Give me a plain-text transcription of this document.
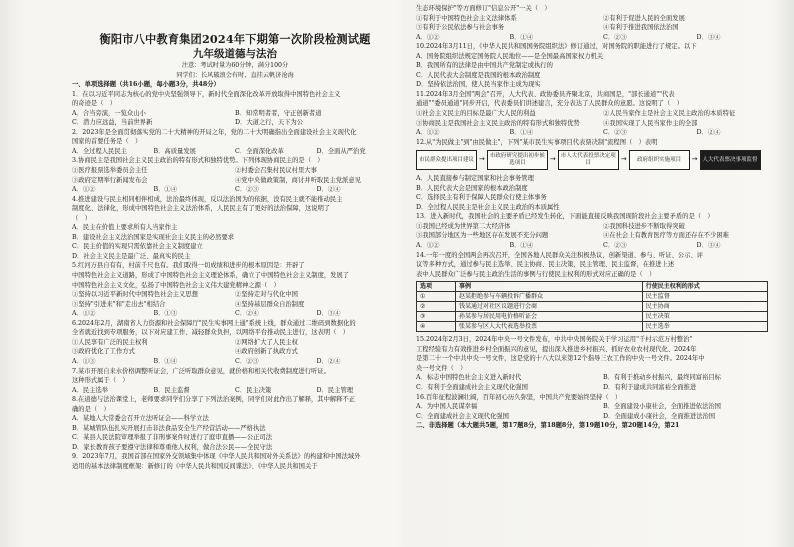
衡阳市八中教育集团2024年下期第一次阶段检测试题
九年级道德与法治
注意：考试时量为60分钟，满分100分
同学们：长风破浪会有时，直挂云帆济沧海
一、单项选择题（共16小题，每小题3分，共48分）
1．在以习近平同志为核心的党中央坚强领导下，新时代全面深化改革开放取得中国特色社会主义
的奇迹是（　）
A．合当旁演，一览众山小	B．知常明者者，守正创新者道
C．潜力应远益，当前世界新	D．大道之行，天下为公
2．2023年是全面贯彻落实党的二十大精神的开局之年，党的二十大明确指出全面建设社会主义现代化
国家的首要任务是（　）
A．全过程人民民主	B．高质量发展	C．全面深化改革	D．全面从严治党
3.协商民主是我国社会主义民主政治的特有形式和独特优势。下列体现协商民主的是（　）
①医疗报票选举委员会主任	②村委会召集村民议村里大事
③政府定期举行新闻发布会	④党中央做政策制，商讨并听取民主党派意见
A．①②	B．①④	C．②③	D．②④
4.推进建设与民主相同相伴相成，法治最终体现，反以法治国为的依据，没有民主就不能推动民主
制度化、法律化，形成中国特色社会主义法治体系，人民民主有了更好的法治保障，这说明了
（　）
A．民主在价值上要求所有人当家作主
B．建设社会主义法治国家是实现社会主义民主的必然要求
C．民主价值的实现只需依靠社会主义制度建立
D．社会主义民主是最广泛、最真实的民主
5.红河万县自有有，村前千尺也有。我们取得一切成绩和进步的根本原因是：开辟了
中国特色社会主义道路，形成了中国特色社会主义理论体系，确立了中国特色社会主义制度，发展了
中国特色社会主义文化，弘扬了中国特色社会主义伟大建党精神之源（　）
①坚持以习近平新时代中国特色社会主义思想	②坚持走对与代化中国
③坚持"引进来"和"走出去"相结合	④坚持基层群众自治制度
A．①②	B．①③	C．②④	D．③④
6.2024年2月，湖南省人力资源和社会保障厅"民生实事网上通"系统上线，群众通过二维码到数据化的
全省就近找到专项服务，以下对应建工作、减轻群众负担，以网络平台推动民主进行，这表明（　）
①人民享有广泛的民主权利	②网络扩大了人民主权
③政府优化了工作方式	④政府创新了执政方式
A．①③	B．①④	C．②③	D．②④
7.某市开展自来水价格调整听证会，广泛听取群众意见，就价格和相关代收费制度进行听证。
这种形式属于（　）
A．民主选举	B．民主监督	C．民主决策	D．民主管理
8.在道德与法治课堂上，老师要求同学们分享了下列法治案例，同学们对此作出了解释，其中解释不正
确的是（　）
A．某地人大常委会召开立法听证会——科学立法
B．某城管队伍扎实开展打击非法食品安全生产经营活动——严格执法
C．某县人民法院审理举报了非刑事案件时进行了庭审直播——公正司法
D．家长教育孩子要遵守法律和尊重他人权利，做合法公民——全民守法
9．2023年7月，我国首部在国家外交领域集中体现《中华人民共和国对外关系法》的构建和中国法域外
适用的基本法律制度框架：新修订的《中华人民共和国反间谍法》、《中华人民共和国关于
生态环境保护"等方面修订"信息公开"一关（　）
①有利于中国特色社会主义法律体系	②有利于促进人民的全面发展
③有利于公民依法参与社会事务	④有利于推进我国依法治国
A．①②	B．①④	C．②③	D．③④
10.2024年3月11日，《中华人民共和国国务院组织法》修订通过，对国务院的职能进行了规定。以下
A．国务院组织法规定国务院人民地位——是全国最高国家权力机关
B．我国所有的法律是由中国共产党制定或执行的
C．人民代表大会制度是我国的根本政治制度
D．坚持依法治国，使人民当家作主成为现实
11.2024年3月全国"两会"召开，人大代表、政协委员齐聚北京，共商国是，"部长通道""代表
通道""委员通道"同步开启，代表委员们讲述建言，充分表达了人民群众的意愿。这说明了（　）
①社会主义民主的目标是最广大人民的利益	②人民当家作主是社会主义民主政治的本质特征
③协商民主是我国社会主义民主政治的特有形式和独特优势	④我国实现了人民当家作主的全部
A．①②	B．①④	C．②③	D．②④
12.从"为民做主"到"由民做主"，下列"某市民生实事项目代表票决制"流程图（　）表明
市民群众提出项目建议 → 市政府研究提出初步候选项目	→ 市人大代表投票决定项目	→	政府组织实施项目	→ 人大代表票决事项监督
A．人民直接参与制定国家和社会事务管理
B．人民代表大会是国家的根本政治制度
C．选择民主有利于保障人民群众行使主体事务
D．全过程人民民主是社会主义民主政治的本质属性
13．进入新时代，我国社会的主要矛盾已经发生转化，下面能直接反映我国现阶段社会主要矛盾的是（　）
①我国已经成为世界第二大经济体	②我国科技进步不断取得突破
③我国部分地区为一些地区存在发展不充分问题	④在社会上有教育医疗等方面还存在不少困难
A．①②	B．①④	C．②③	D．③④
14.一年一度的全国两会再次召开，全国各地人民群众关注积极热议，创新渠道、参与、听证、公示、评
议等多种方式，通过参与民主选举、民主协商、民主决策，民主管理、民主监督，在推进上述
表中人民群众广泛参与民主政治生活的事例与行使民主权利的形式对应正确的是（　）
选项	事例	行使民主权利的形式
①	赵某拒绝参与车辆投诉广播群众	民主监督
②	钱某通过对社区议题进行会商	民主协商
③	孙某参与居民用电价格听证会	民主决策
④	张某参与区人大代表选举投票	民主选举
15.2024年2月3日，2024年中央一号文件发布，中共中央国务院关于学习运用"千村示范万村整治"
工程经验有力有效推进乡村全面振兴的意见，提出深入推进乡村振兴、抓好农业农村现代化、2024年
是第二十一个中共中央一号文件，这是党的十八大以来第12个指导三农工作的中央一号文件。2024年中
央一号文件（　）
A．标志中国特色社会主义进入新时代	B．有利于推动乡村振兴，最终同富裕目标
C．有利于全面建成社会主义现代化强国	D．有利于建成共同富裕全面推进
16.百年征程波澜壮阔，百年初心历久弥坚，中国共产党要始终坚持（　）
A．为中国人民谋幸福	B．全面建设小康社会，全面推进依法治国
C．全面建成社会主义现代化强国	D．全面建成小康社会，全面推进法治国
二、非选择题（本大题共5题，第17题8分，第18题8分，第19题10分，第20题14分，第21
